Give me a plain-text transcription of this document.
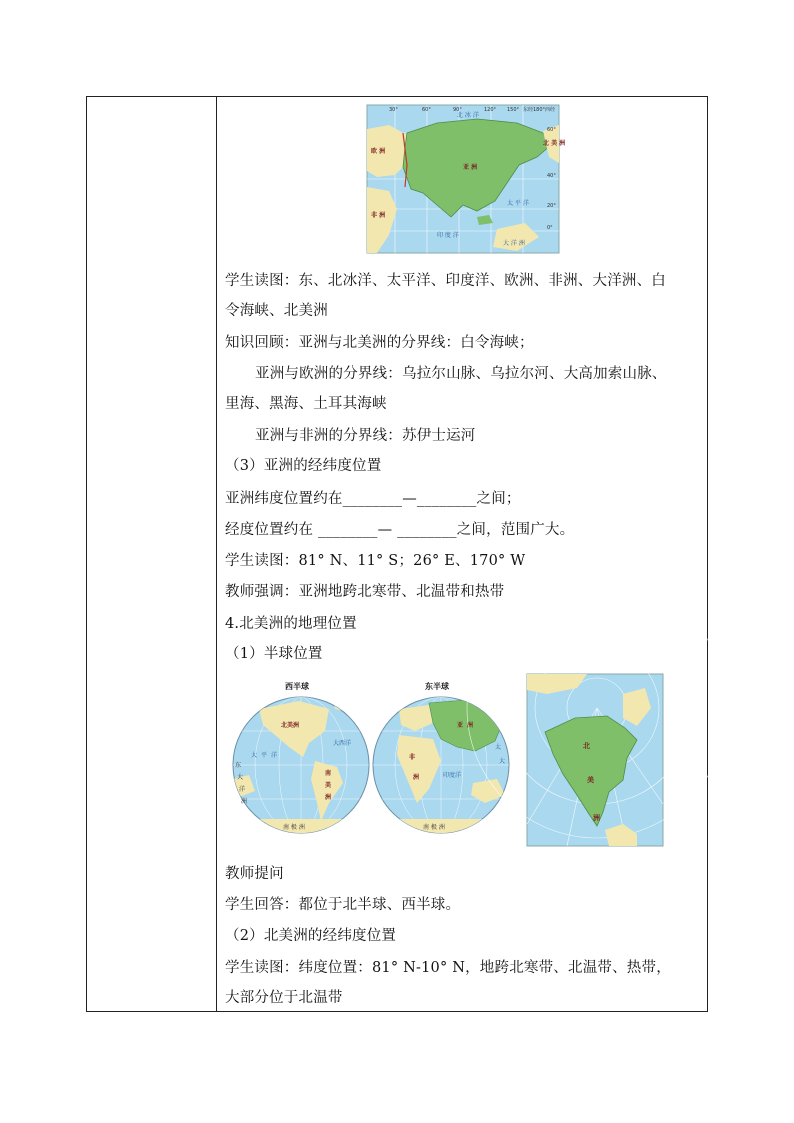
30°	60°	90°	120° 150° 东经180°西经
60°
40°
20°
0°
亚 洲
欧 洲
非 洲
北 美 洲
太 平 洋
印 度 洋
北 冰 洋
大 洋 洲
学生读图：东、北冰洋、太平洋、印度洋、欧洲、非洲、大洋洲、白
令海峡、北美洲
知识回顾：亚洲与北美洲的分界线：白令海峡；
亚洲与欧洲的分界线：乌拉尔山脉、乌拉尔河、大高加索山脉、
里海、黑海、土耳其海峡
亚洲与非洲的分界线：苏伊士运河
（3）亚洲的经纬度位置
亚洲纬度位置约在________—________之间；
经度位置约在 ________— ________之间，范围广大。
学生读图：81° N、11° S；26° E、170° W
教师强调：亚洲地跨北寒带、北温带和热带
4.北美洲的地理位置
（1）半球位置
西半球
北美洲
南
美
洲
南 极 洲
东
大
洋
洲
大 平 洋
大西洋
东半球
亚 洲
非
洲	印度洋
太
大
南 极 洲
北
美
洲
教师提问
学生回答：都位于北半球、西半球。
（2）北美洲的经纬度位置
学生读图：纬度位置：81° N-10° N，地跨北寒带、北温带、热带，
大部分位于北温带
